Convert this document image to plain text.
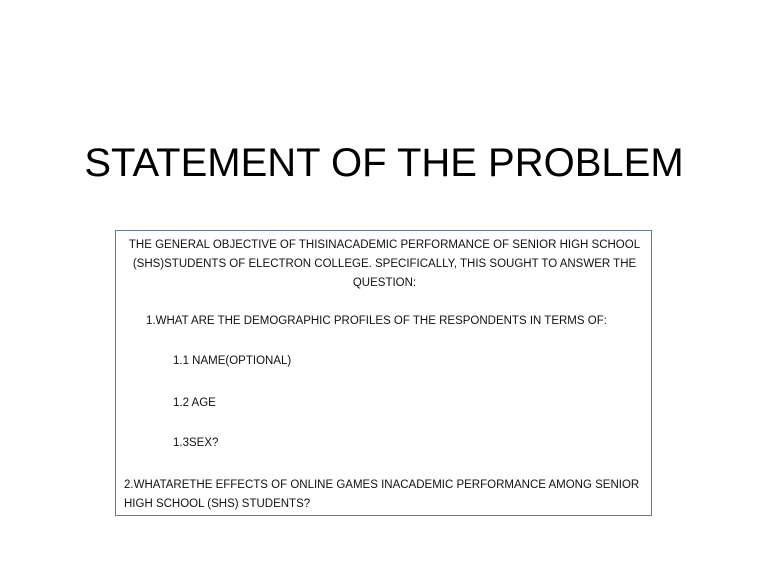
STATEMENT OF THE PROBLEM
THE GENERAL OBJECTIVE OF THISINACADEMIC PERFORMANCE OF SENIOR HIGH SCHOOL (SHS)STUDENTS OF ELECTRON COLLEGE. SPECIFICALLY, THIS SOUGHT TO ANSWER THE QUESTION:
1.WHAT ARE THE DEMOGRAPHIC PROFILES OF THE RESPONDENTS IN TERMS OF:
1.1 NAME(OPTIONAL)
1.2 AGE
1.3SEX?
2.WHATARETHE EFFECTS OF ONLINE GAMES INACADEMIC PERFORMANCE AMONG SENIOR HIGH SCHOOL (SHS) STUDENTS?
